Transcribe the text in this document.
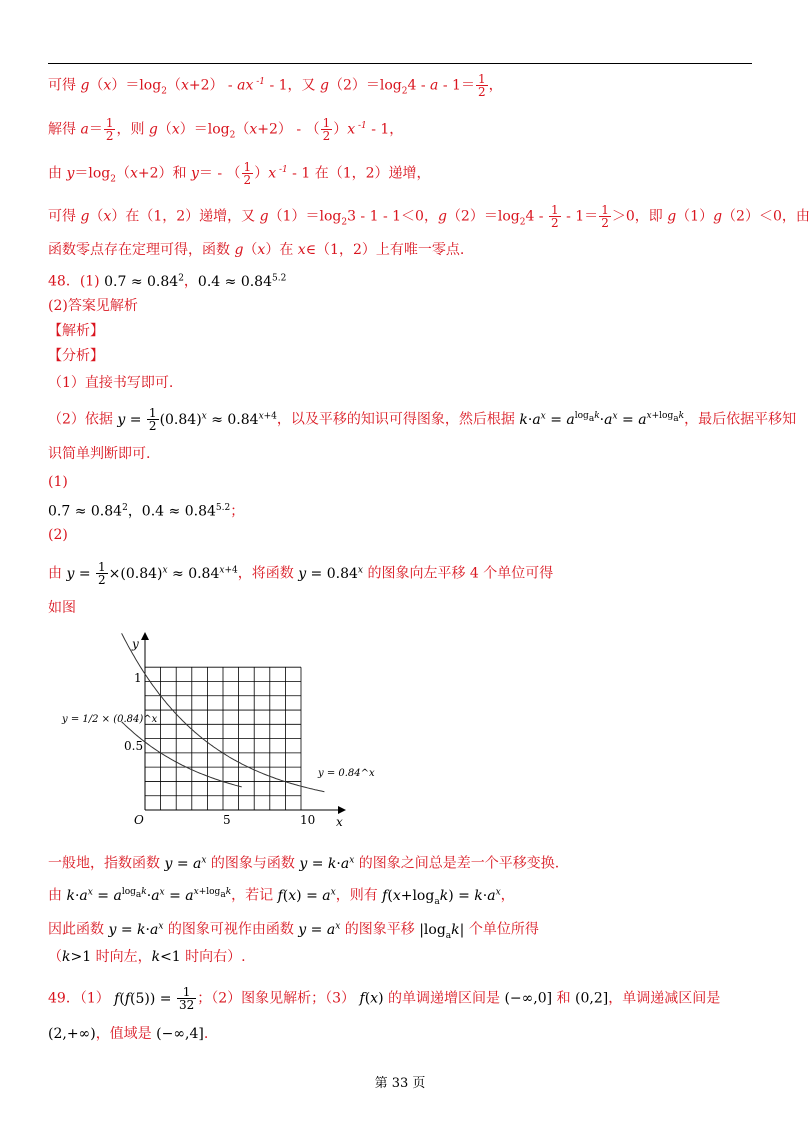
可得 $g(x)=\log_2(x+2)$ - ax $^{-1}$ - 1，又 $g(2)=\log_24 - a - 1= \frac{1}{2}$ ，
解得 $a= \frac{1}{2}$ ，则 $g(x)=\log_2(x+2)$ - （ $\frac{1}{2} )x$ $^{-1}$ - 1，
由 $y=\log_2(x+2)$和 y＝ - （ $\frac{1}{2} )x$ $^{-1}$ - 1 在（1，2）递增，
可得 g（x）在（1，2）递增，又 $g(1)=\log_23 - 1 - 1<0$，$g(2)=\log_24 - \frac{1}{2} - 1= \frac{1}{2} >0$，即 g（1）g（2）＜0，由
函数零点存在定理可得，函数 g（x）在 x∈（1，2）上有唯一零点.
48．(1) $0.7 \approx 0.84^2$，$0.4 \approx 0.84^{5.2}$
(2)答案见解析
【解析】
【分析】
（1）直接书写即可.
（2）依据 $y = \frac{1}{2} (0.84)^x \approx 0.84^{x+4}$，以及平移的知识可得图象，然后根据 $k\cdot a^x = a^{log_ak}\cdot a^x = a^{x+log_ak}$，最后依据平移知
识简单判断即可.
(1)
$0.7 \approx 0.84^2$，$0.4 \approx 0.84^{5.2}$；
(2)
由 $y = \frac{1}{2} \times(0.84)^x \approx 0.84^{x+4}$，将函数 $y = 0.84^x$ 的图象向左平移 4 个单位可得
如图
y
x
O	5	10
1
0.5
y = 1/2 × (0.84)^x
y = 0.84^x
一般地，指数函数 $y = a^x$ 的图象与函数 $y = k\cdot a^x$ 的图象之间总是差一个平移变换.
由 $k\cdot a^x = a^{log_ak}\cdot a^x = a^{x+log_ak}$，若记 $f(x) = a^x$，则有 $f(x+\log_ak) = k\cdot a^x$，
因此函数 $y = k\cdot a^x$ 的图象可视作由函数 $y = a^x$ 的图象平移 $|\log_ak|$ 个单位所得
（k>1 时向左，k<1 时向右）.
49．（1） $f(f(5)) = \frac{1}{32}$ ；（2）图象见解析；（3） f(x) 的单调递增区间是 (−∞,0] 和 (0,2]，单调递减区间是
(2,+∞)，值域是 (−∞,4].
第 33 页
